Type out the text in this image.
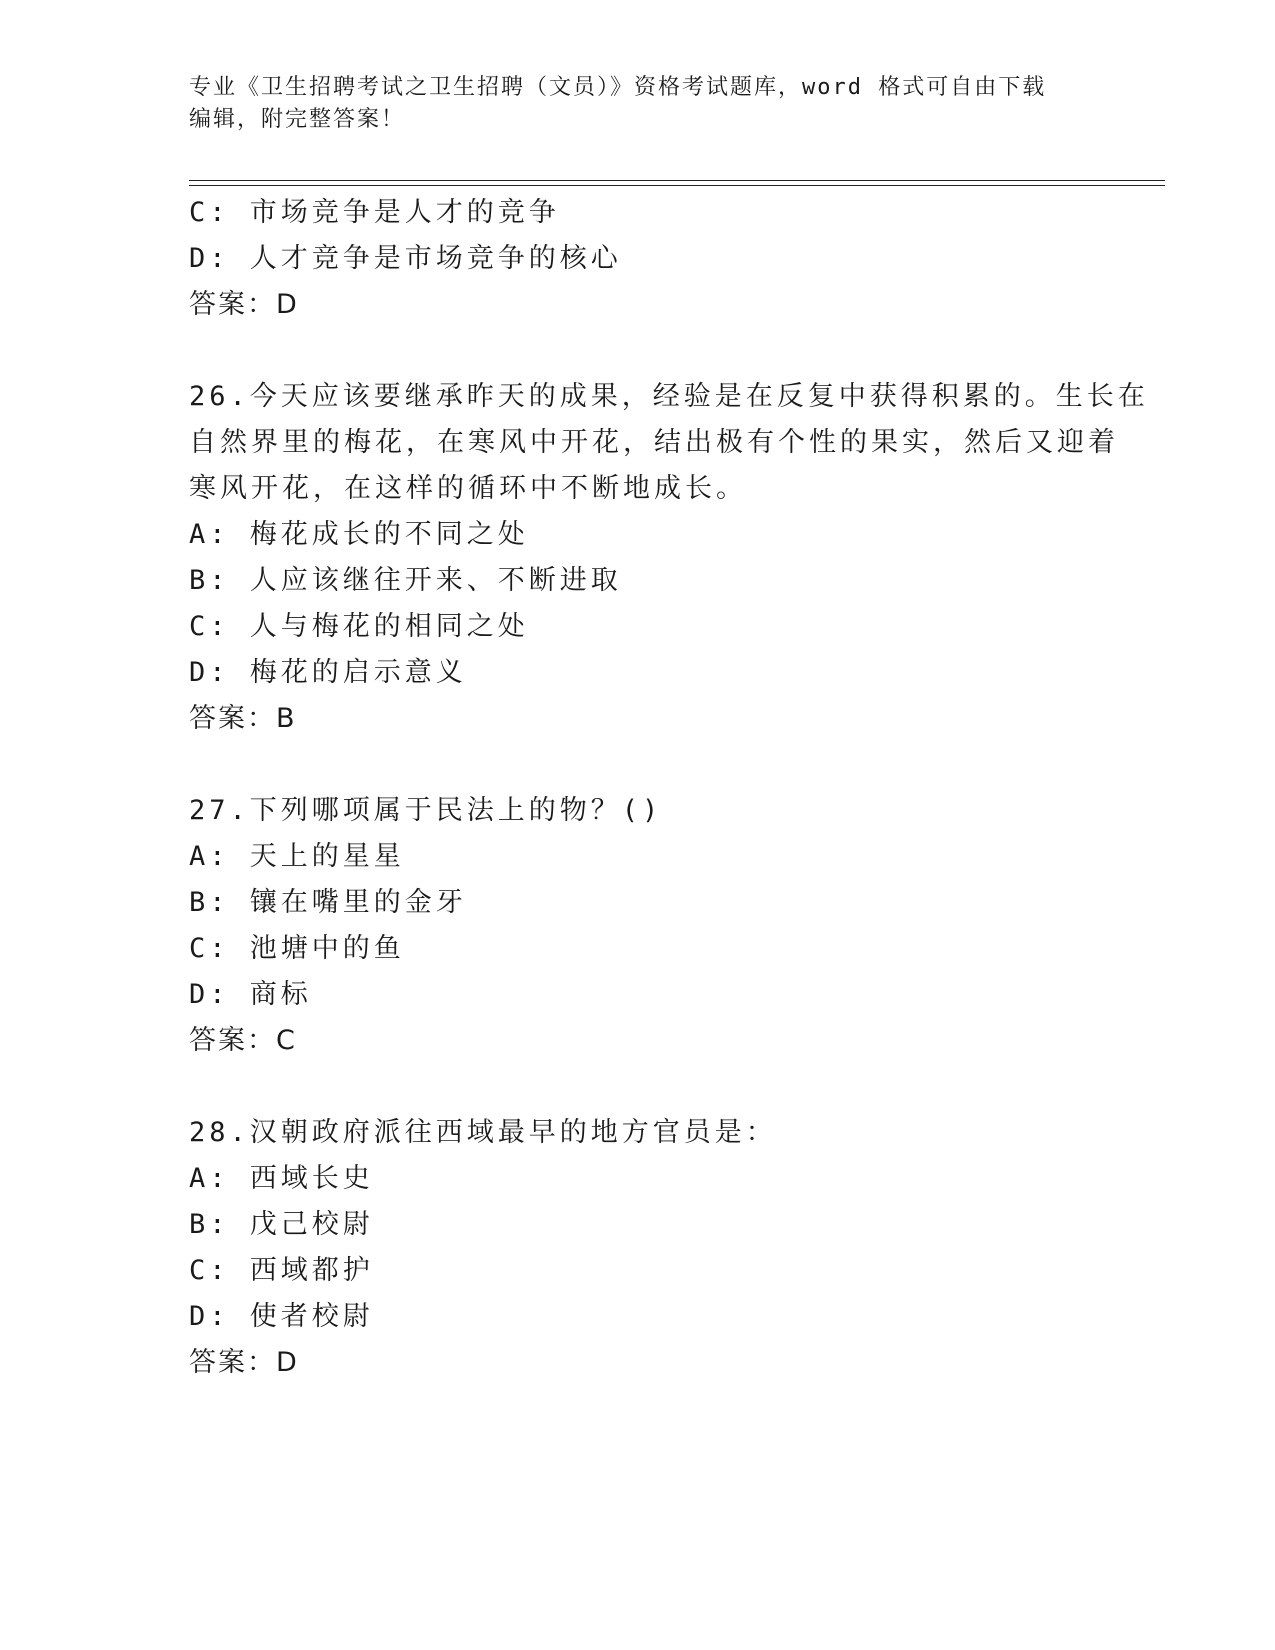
专业《卫生招聘考试之卫生招聘（文员）》资格考试题库，word 格式可自由下载
编辑，附完整答案！
C: 市场竞争是人才的竞争
D: 人才竞争是市场竞争的核心
答案：D
26.今天应该要继承昨天的成果，经验是在反复中获得积累的。生长在
自然界里的梅花，在寒风中开花，结出极有个性的果实，然后又迎着
寒风开花，在这样的循环中不断地成长。
A: 梅花成长的不同之处
B: 人应该继往开来、不断进取
C: 人与梅花的相同之处
D: 梅花的启示意义
答案：B
27.下列哪项属于民法上的物？()
A: 天上的星星
B: 镶在嘴里的金牙
C: 池塘中的鱼
D: 商标
答案：C
28.汉朝政府派往西域最早的地方官员是：
A: 西域长史
B: 戊己校尉
C: 西域都护
D: 使者校尉
答案：D
